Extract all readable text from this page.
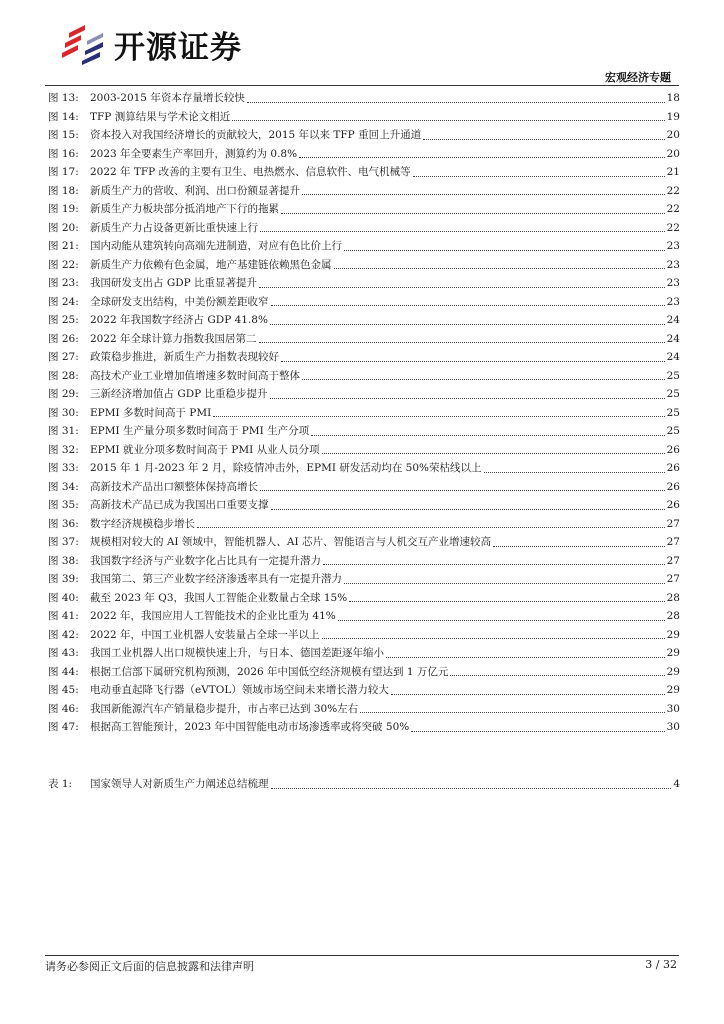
开源证券
宏观经济专题
图 13:	2003-2015 年资本存量增长较快	18
图 14:	TFP 测算结果与学术论文相近	19
图 15:	资本投入对我国经济增长的贡献较大，2015 年以来 TFP 重回上升通道	20
图 16:	2023 年全要素生产率回升，测算约为 0.8%	20
图 17:	2022 年 TFP 改善的主要有卫生、电热燃水、信息软件、电气机械等	21
图 18:	新质生产力的营收、利润、出口份额显著提升	22
图 19:	新质生产力板块部分抵消地产下行的拖累	22
图 20:	新质生产力占设备更新比重快速上行	22
图 21:	国内动能从建筑转向高端先进制造，对应有色比价上行	23
图 22:	新质生产力依赖有色金属，地产基建链依赖黑色金属	23
图 23:	我国研发支出占 GDP 比重显著提升	23
图 24:	全球研发支出结构，中美份额差距收窄	23
图 25:	2022 年我国数字经济占 GDP 41.8%	24
图 26:	2022 年全球计算力指数我国居第二	24
图 27:	政策稳步推进，新质生产力指数表现较好	24
图 28:	高技术产业工业增加值增速多数时间高于整体	25
图 29:	三新经济增加值占 GDP 比重稳步提升	25
图 30:	EPMI 多数时间高于 PMI	25
图 31:	EPMI 生产量分项多数时间高于 PMI 生产分项	25
图 32:	EPMI 就业分项多数时间高于 PMI 从业人员分项	26
图 33:	2015 年 1 月-2023 年 2 月，除疫情冲击外，EPMI 研发活动均在 50%荣枯线以上	26
图 34:	高新技术产品出口额整体保持高增长	26
图 35:	高新技术产品已成为我国出口重要支撑	26
图 36:	数字经济规模稳步增长	27
图 37:	规模相对较大的 AI 领域中，智能机器人、AI 芯片、智能语言与人机交互产业增速较高	27
图 38:	我国数字经济与产业数字化占比具有一定提升潜力	27
图 39:	我国第二、第三产业数字经济渗透率具有一定提升潜力	27
图 40:	截至 2023 年 Q3，我国人工智能企业数量占全球 15%	28
图 41:	2022 年，我国应用人工智能技术的企业比重为 41%	28
图 42:	2022 年，中国工业机器人安装量占全球一半以上	29
图 43:	我国工业机器人出口规模快速上升，与日本、德国差距逐年缩小	29
图 44:	根据工信部下属研究机构预测，2026 年中国低空经济规模有望达到 1 万亿元	29
图 45:	电动垂直起降飞行器（eVTOL）领域市场空间未来增长潜力较大	29
图 46:	我国新能源汽车产销量稳步提升，市占率已达到 30%左右	30
图 47:	根据高工智能预计，2023 年中国智能电动市场渗透率或将突破 50%	30
表 1:	国家领导人对新质生产力阐述总结梳理	4
请务必参阅正文后面的信息披露和法律声明	3 / 32
